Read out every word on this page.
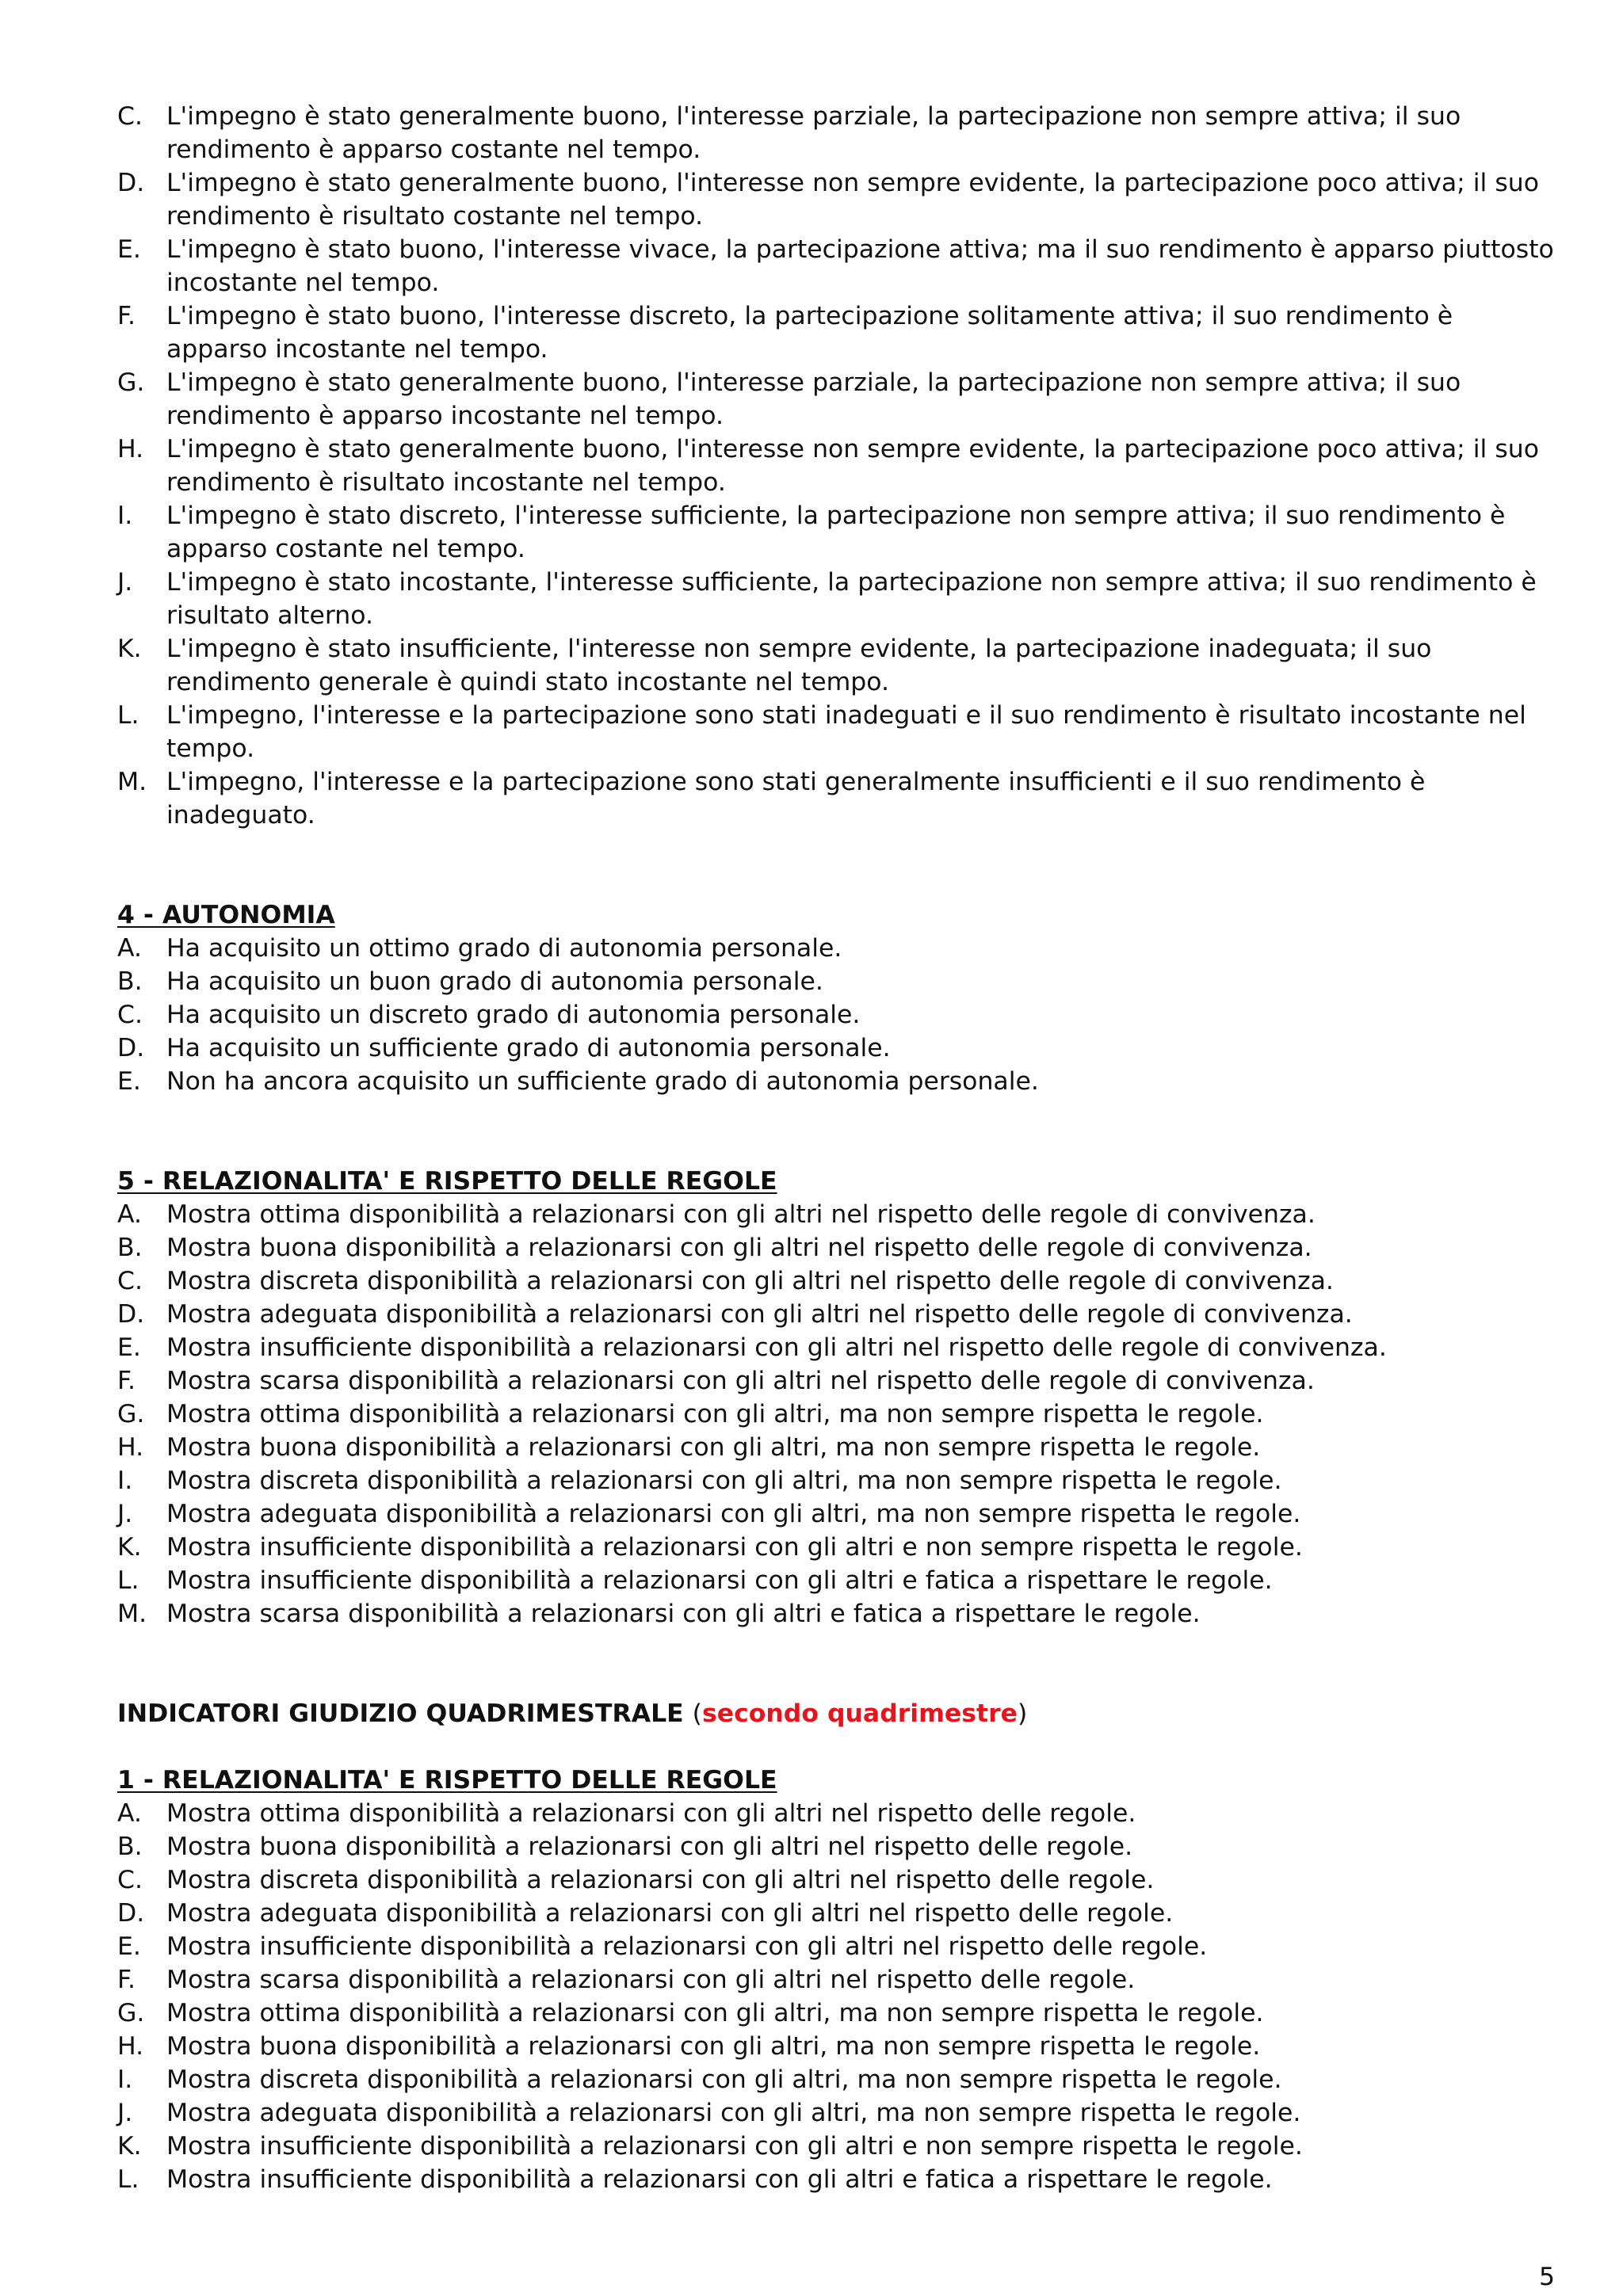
C. L'impegno è stato generalmente buono, l'interesse parziale, la partecipazione non sempre attiva; il suo rendimento è apparso costante nel tempo.
D. L'impegno è stato generalmente buono, l'interesse non sempre evidente, la partecipazione poco attiva; il suo rendimento è risultato costante nel tempo.
E.	L'impegno è stato buono, l'interesse vivace, la partecipazione attiva; ma il suo rendimento è apparso piuttosto incostante nel tempo.
F.	L'impegno è stato buono, l'interesse discreto, la partecipazione solitamente attiva; il suo rendimento è apparso incostante nel tempo.
G. L'impegno è stato generalmente buono, l'interesse parziale, la partecipazione non sempre attiva; il suo rendimento è apparso incostante nel tempo.
H. L'impegno è stato generalmente buono, l'interesse non sempre evidente, la partecipazione poco attiva; il suo rendimento è risultato incostante nel tempo.
I.	L'impegno è stato discreto, l'interesse sufficiente, la partecipazione non sempre attiva; il suo rendimento è apparso costante nel tempo.
J.	L'impegno è stato incostante, l'interesse sufficiente, la partecipazione non sempre attiva; il suo rendimento è risultato alterno.
K. L'impegno è stato insufficiente, l'interesse non sempre evidente, la partecipazione inadeguata; il suo rendimento generale è quindi stato incostante nel tempo.
L.	L'impegno, l'interesse e la partecipazione sono stati inadeguati e il suo rendimento è risultato incostante nel tempo.
M. L'impegno, l'interesse e la partecipazione sono stati generalmente insufficienti e il suo rendimento è inadeguato.

4 - AUTONOMIA

A. Ha acquisito un ottimo grado di autonomia personale.
B. Ha acquisito un buon grado di autonomia personale.
C. Ha acquisito un discreto grado di autonomia personale.
D. Ha acquisito un sufficiente grado di autonomia personale.
E.	Non ha ancora acquisito un sufficiente grado di autonomia personale.

5 - RELAZIONALITA' E RISPETTO DELLE REGOLE

A. Mostra ottima disponibilità a relazionarsi con gli altri nel rispetto delle regole di convivenza.
B. Mostra buona disponibilità a relazionarsi con gli altri nel rispetto delle regole di convivenza.
C. Mostra discreta disponibilità a relazionarsi con gli altri nel rispetto delle regole di convivenza.
D. Mostra adeguata disponibilità a relazionarsi con gli altri nel rispetto delle regole di convivenza.
E.	Mostra insufficiente disponibilità a relazionarsi con gli altri nel rispetto delle regole di convivenza.
F.	Mostra scarsa disponibilità a relazionarsi con gli altri nel rispetto delle regole di convivenza.
G. Mostra ottima disponibilità a relazionarsi con gli altri, ma non sempre rispetta le regole.
H. Mostra buona disponibilità a relazionarsi con gli altri, ma non sempre rispetta le regole.
I.	Mostra discreta disponibilità a relazionarsi con gli altri, ma non sempre rispetta le regole.
J.	Mostra adeguata disponibilità a relazionarsi con gli altri, ma non sempre rispetta le regole.
K. Mostra insufficiente disponibilità a relazionarsi con gli altri e non sempre rispetta le regole.
L.	Mostra insufficiente disponibilità a relazionarsi con gli altri e fatica a rispettare le regole.
M. Mostra scarsa disponibilità a relazionarsi con gli altri e fatica a rispettare le regole.

INDICATORI GIUDIZIO QUADRIMESTRALE (secondo quadrimestre)

1 - RELAZIONALITA' E RISPETTO DELLE REGOLE

A. Mostra ottima disponibilità a relazionarsi con gli altri nel rispetto delle regole.
B. Mostra buona disponibilità a relazionarsi con gli altri nel rispetto delle regole.
C. Mostra discreta disponibilità a relazionarsi con gli altri nel rispetto delle regole.
D. Mostra adeguata disponibilità a relazionarsi con gli altri nel rispetto delle regole.
E.	Mostra insufficiente disponibilità a relazionarsi con gli altri nel rispetto delle regole.
F.	Mostra scarsa disponibilità a relazionarsi con gli altri nel rispetto delle regole.
G. Mostra ottima disponibilità a relazionarsi con gli altri, ma non sempre rispetta le regole.
H. Mostra buona disponibilità a relazionarsi con gli altri, ma non sempre rispetta le regole.
I.	Mostra discreta disponibilità a relazionarsi con gli altri, ma non sempre rispetta le regole.
J.	Mostra adeguata disponibilità a relazionarsi con gli altri, ma non sempre rispetta le regole.
K. Mostra insufficiente disponibilità a relazionarsi con gli altri e non sempre rispetta le regole.
L.	Mostra insufficiente disponibilità a relazionarsi con gli altri e fatica a rispettare le regole.
5
